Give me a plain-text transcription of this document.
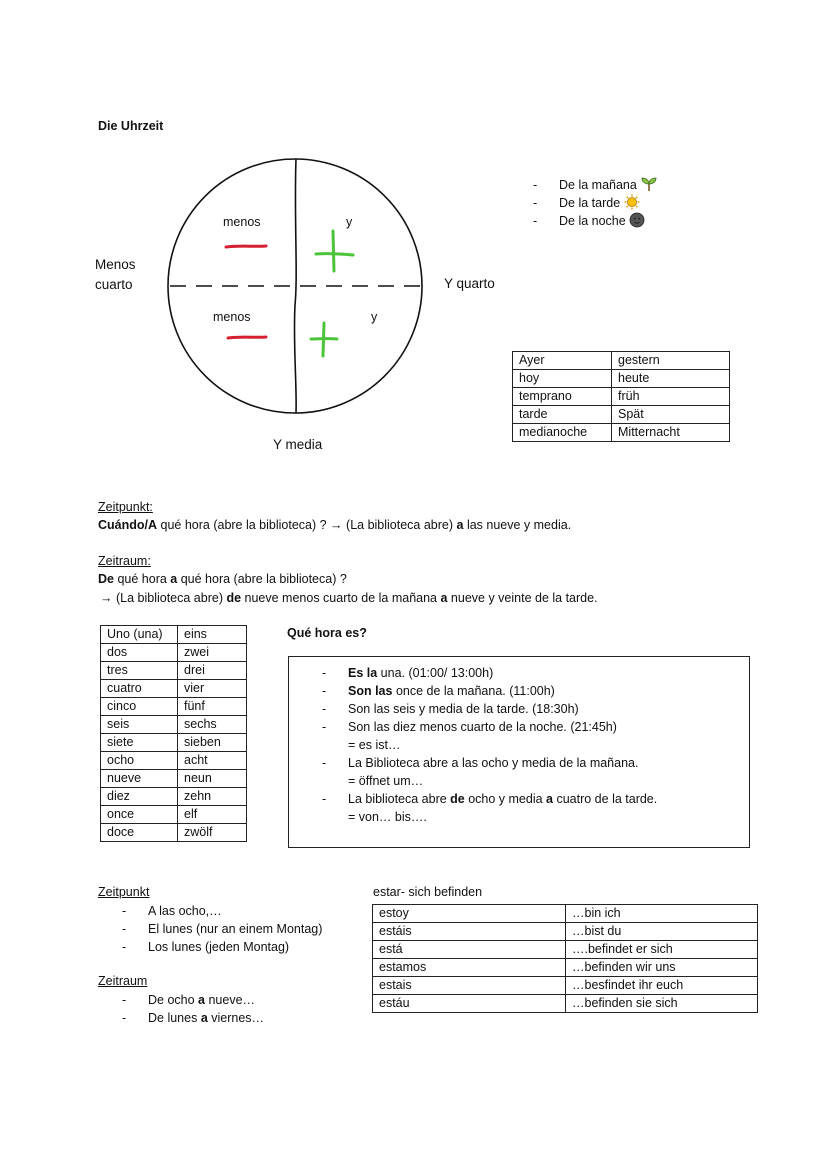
Die Uhrzeit
menos	y
menos	y
Menos
cuarto	Y quarto
Y media
- De la mañana
- De la tarde
- De la noche
Ayer	gestern
hoy	heute
temprano	früh
tarde	Spät
medianoche	Mitternacht
Zeitpunkt:
Cuándo/A qué hora (abre la biblioteca) ? → (La biblioteca abre) a las nueve y media.
Zeitraum:
De qué hora a qué hora (abre la biblioteca) ?
→ (La biblioteca abre) de nueve menos cuarto de la mañana a nueve y veinte de la tarde.
Uno (una)	eins
dos	zwei
tres	drei
cuatro	vier
cinco	fünf
seis	sechs
siete	sieben
ocho	acht
nueve	neun
diez	zehn
once	elf
doce	zwölf
Qué hora es?
- Es la una. (01:00/ 13:00h)
- Son las once de la mañana. (11:00h)
- Son las seis y media de la tarde. (18:30h)
- Son las diez menos cuarto de la noche. (21:45h)
= es ist…
- La Biblioteca abre a las ocho y media de la mañana.
= öffnet um…
- La biblioteca abre de ocho y media a cuatro de la tarde.
= von… bis….
Zeitpunkt
- A las ocho,…
- El lunes (nur an einem Montag)
- Los lunes (jeden Montag)
Zeitraum
- De ocho a nueve…
- De lunes a viernes…
estar- sich befinden
estoy	…bin ich
estáis	…bist du
está	….befindet er sich
estamos	…befinden wir uns
estais	…besfindet ihr euch
estáu	…befinden sie sich
